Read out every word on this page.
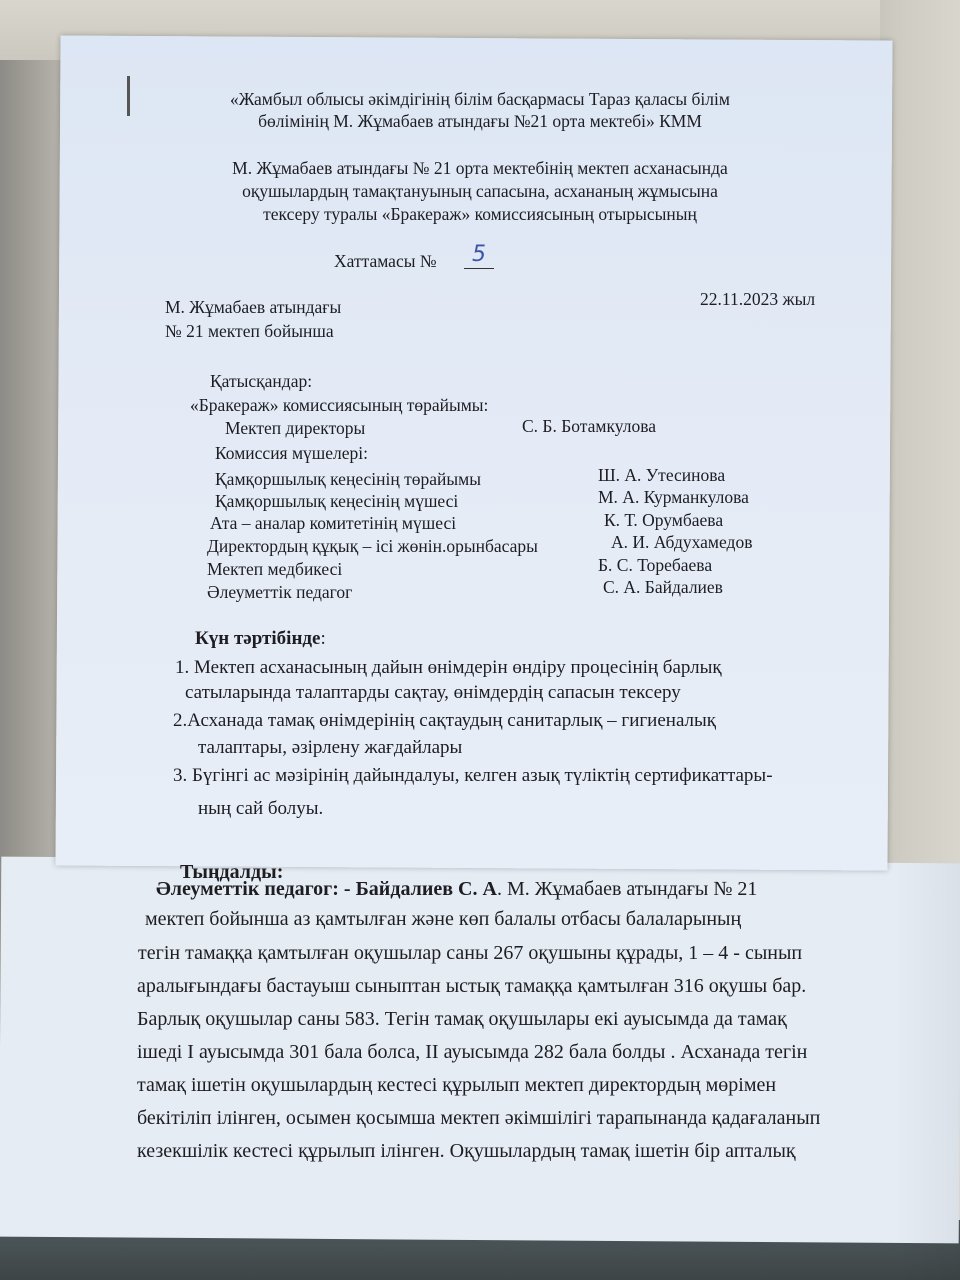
«Жамбыл облысы әкімдігінің білім басқармасы Тараз қаласы білім
бөлімінің М. Жұмабаев атындағы №21 орта мектебі» КММ
М. Жұмабаев атындағы № 21 орта мектебінің мектеп асханасында
оқушылардың тамақтануының сапасына, асхананың жұмысына
тексеру туралы «Бракераж» комиссиясының отырысының
Хаттамасы № 5
М. Жұмабаев атындағы
№ 21 мектеп бойынша
22.11.2023 жыл
Қатысқандар:
«Бракераж» комиссиясының төрайымы:
Мектеп директоры	С. Б. Ботамкулова
Комиссия мүшелері:
Қамқоршылық кеңесінің төрайымы	Ш. А. Утесинова
Қамқоршылық кеңесінің мүшесі	М. А. Курманкулова
Ата – аналар комитетінің мүшесі	К. Т. Орумбаева
Директордың құқық – ісі жөнін.орынбасары	А. И. Абдухамедов
Мектеп медбикесі	Б. С. Торебаева
Әлеуметтік педагог	С. А. Байдалиев
Күн тәртібінде:
1. Мектеп асханасының дайын өнімдерін өндіру процесінің барлық
сатыларында талаптарды сақтау, өнімдердің сапасын тексеру
2.Асханада тамақ өнімдерінің сақтаудың санитарлық – гигиеналық
талаптары, әзірлену жағдайлары
3. Бүгінгі ас мәзірінің дайындалуы, келген азық түліктің сертификаттары-
ның сай болуы.
Тыңдалды:
Әлеуметтік педагог: - Байдалиев С. А. М. Жұмабаев атындағы № 21
мектеп бойынша аз қамтылған және көп балалы отбасы балаларының
тегін тамаққа қамтылған оқушылар саны 267 оқушыны құрады, 1 – 4 - сынып
аралығындағы бастауыш сыныптан ыстық тамаққа қамтылған 316 оқушы бар.
Барлық оқушылар саны 583. Тегін тамақ оқушылары екі ауысымда да тамақ
ішеді І ауысымда 301 бала болса, ІІ ауысымда 282 бала болды . Асханада тегін
тамақ ішетін оқушылардың кестесі құрылып мектеп директордың мөрімен
бекітіліп ілінген, осымен қосымша мектеп әкімшілігі тарапынанда қадағаланып
кезекшілік кестесі құрылып ілінген. Оқушылардың тамақ ішетін бір апталық
